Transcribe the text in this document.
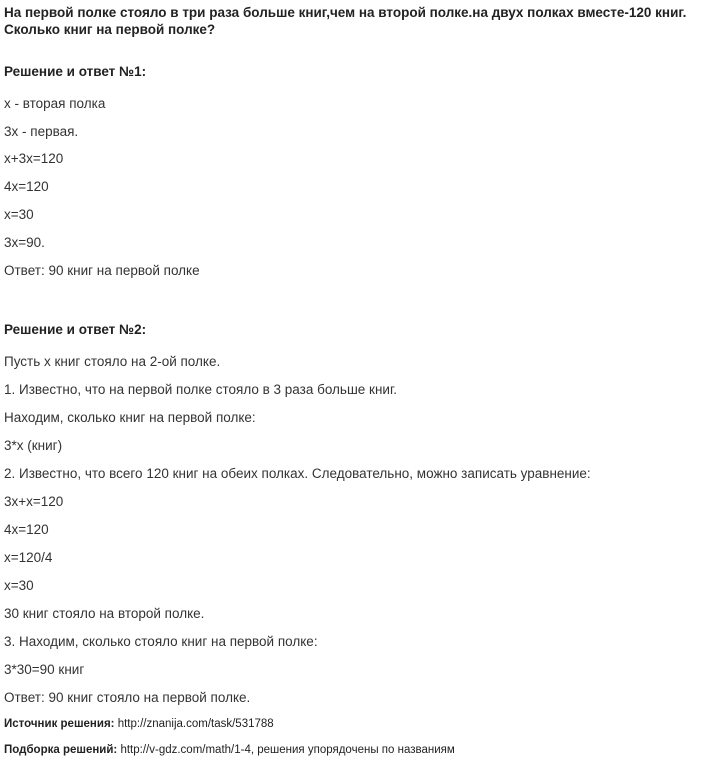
На первой полке стояло в три раза больше книг,чем на второй полке.на двух полках вместе-120 книг. Сколько книг на первой полке?

Решение и ответ №1:

х - вторая полка

3х - первая.

х+3х=120

4х=120

х=30

3х=90.

Ответ: 90 книг на первой полке

Решение и ответ №2:

Пусть x книг стояло на 2-ой полке.

1. Известно, что на первой полке стояло в 3 раза больше книг.

Находим, сколько книг на первой полке:

3*x (книг)

2. Известно, что всего 120 книг на обеих полках. Следовательно, можно записать уравнение:

3x+x=120

4x=120

x=120/4

x=30

30 книг стояло на второй полке.

3. Находим, сколько стояло книг на первой полке:

3*30=90 книг

Ответ: 90 книг стояло на первой полке.

Источник решения: http://znanija.com/task/531788
Подборка решений: http://v-gdz.com/math/1-4, решения упорядочены по названиям
